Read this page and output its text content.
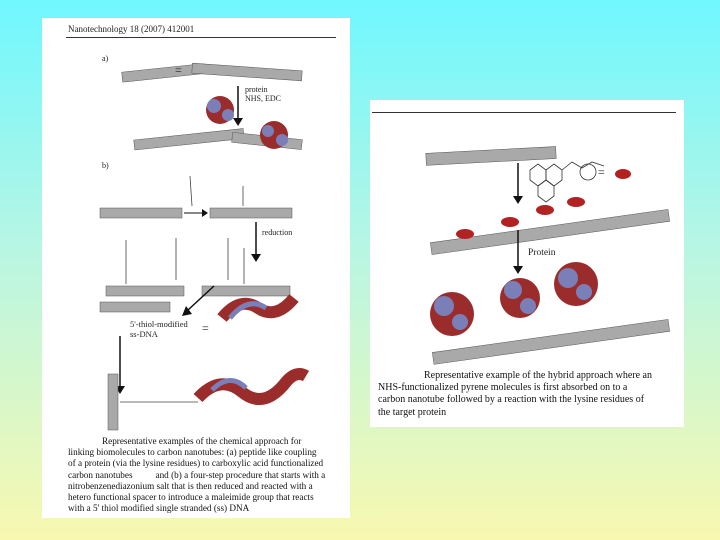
Nanotechnology 18 (2007) 412001
a)
b)
=
=
protein
NHS, EDC
reduction
5'-thiol-modified
ss-DNA
Representative examples of the chemical approach for
linking biomolecules to carbon nanotubes: (a) peptide like coupling
of a protein (via the lysine residues) to carboxylic acid functionalized
carbon nanotubes          and (b) a four-step procedure that starts with a
nitrobenzenediazonium salt that is then reduced and reacted with a
hetero functional spacer to introduce a maleimide group that reacts
with a 5' thiol modified single stranded (ss) DNA
=
Protein
Representative example of the hybrid approach where an
NHS-functionalized pyrene molecules is first absorbed on to a
carbon nanotube followed by a reaction with the lysine residues of
the target protein
